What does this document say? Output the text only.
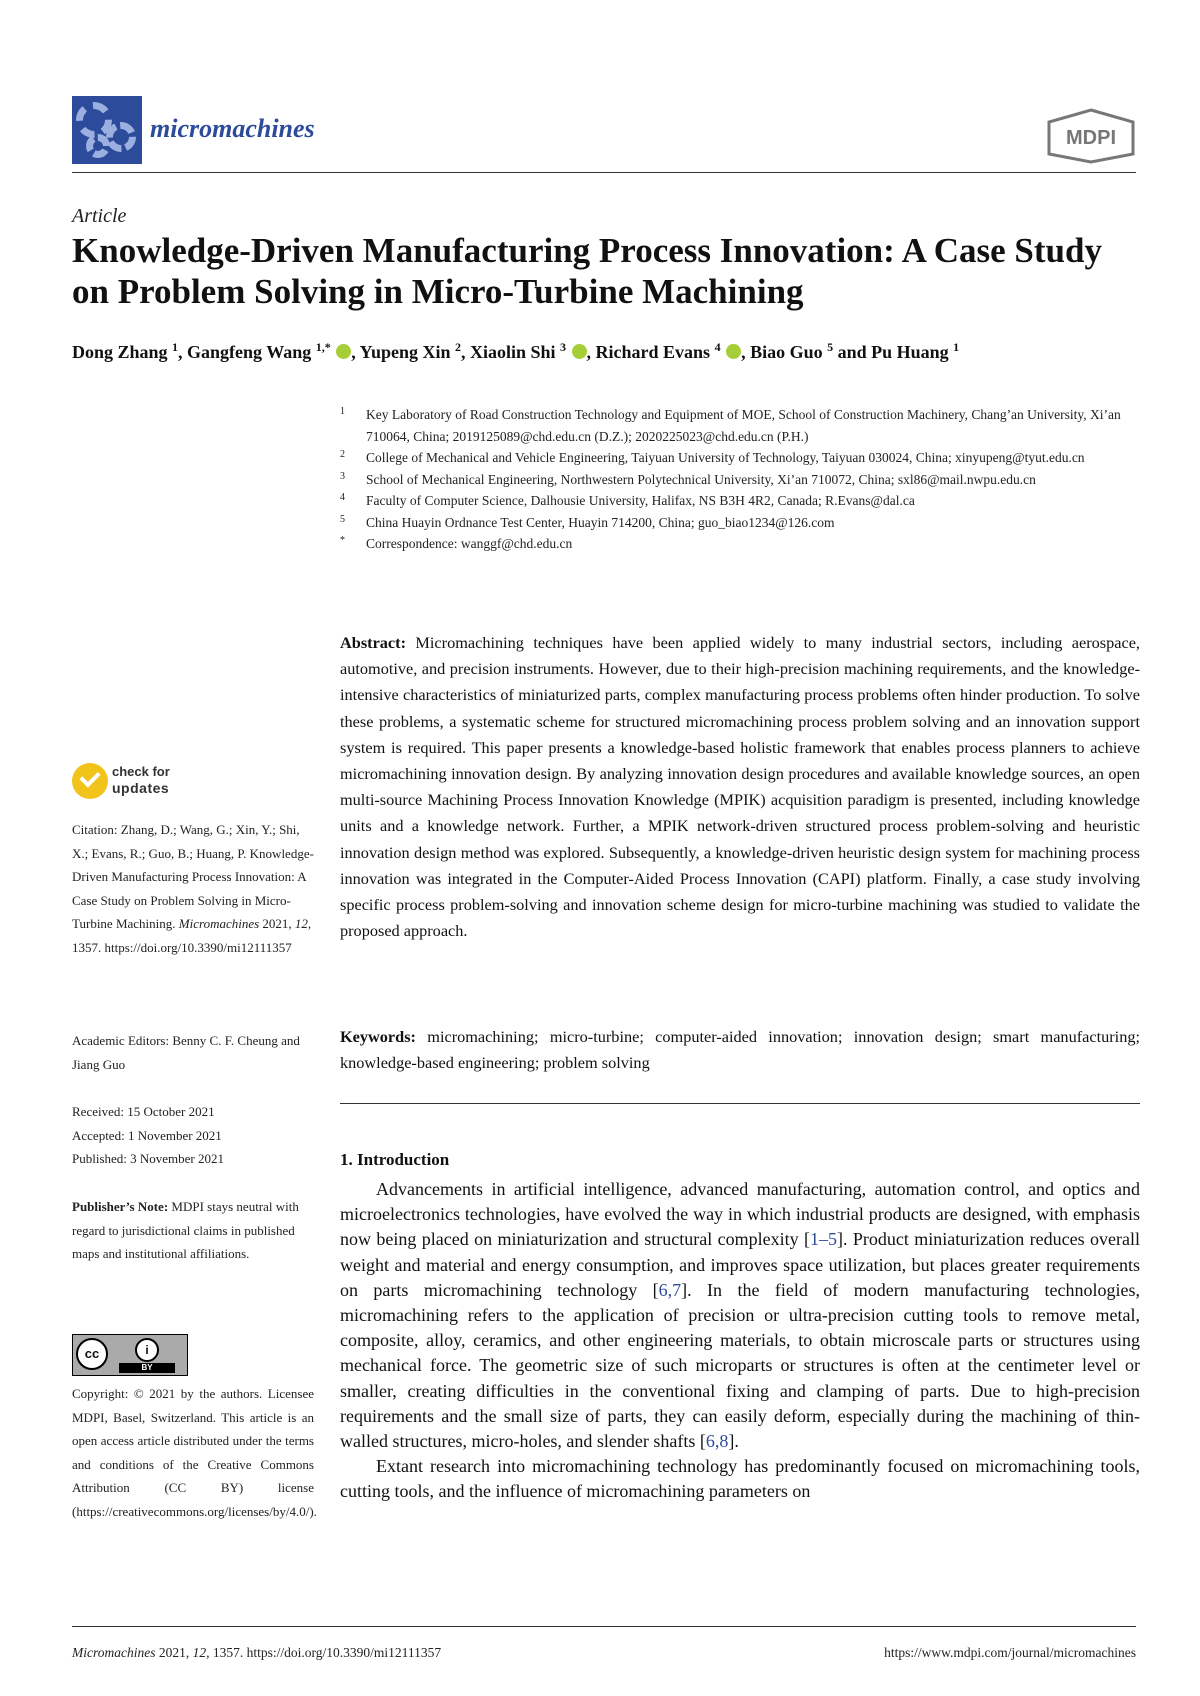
micromachines	MDPI
Article
Knowledge-Driven Manufacturing Process Innovation: A Case Study on Problem Solving in Micro-Turbine Machining
Dong Zhang $^1$, Gangfeng Wang $^{1,*}$ , Yupeng Xin $^2$, Xiaolin Shi $^3$ , Richard Evans $^4$ , Biao Guo $^5$ and Pu Huang $^1$
1 Key Laboratory of Road Construction Technology and Equipment of MOE, School of Construction Machinery, Chang’an University, Xi’an 710064, China; 2019125089@chd.edu.cn (D.Z.); 2020225023@chd.edu.cn (P.H.)
2 College of Mechanical and Vehicle Engineering, Taiyuan University of Technology, Taiyuan 030024, China; xinyupeng@tyut.edu.cn
3 School of Mechanical Engineering, Northwestern Polytechnical University, Xi’an 710072, China; sxl86@mail.nwpu.edu.cn
4 Faculty of Computer Science, Dalhousie University, Halifax, NS B3H 4R2, Canada; R.Evans@dal.ca
5 China Huayin Ordnance Test Center, Huayin 714200, China; guo_biao1234@126.com
* Correspondence: wanggf@chd.edu.cn
Abstract: Micromachining techniques have been applied widely to many industrial sectors, including aerospace, automotive, and precision instruments. However, due to their high-precision machining requirements, and the knowledge-intensive characteristics of miniaturized parts, complex manufacturing process problems often hinder production. To solve these problems, a systematic scheme for structured micromachining process problem solving and an innovation support system is required. This paper presents a knowledge-based holistic framework that enables process planners to achieve micromachining innovation design. By analyzing innovation design procedures and available knowledge sources, an open multi-source Machining Process Innovation Knowledge (MPIK) acquisition paradigm is presented, including knowledge units and a knowledge network. Further, a MPIK network-driven structured process problem-solving and heuristic innovation design method was explored. Subsequently, a knowledge-driven heuristic design system for machining process innovation was integrated in the Computer-Aided Process Innovation (CAPI) platform. Finally, a case study involving specific process problem-solving and innovation scheme design for micro-turbine machining was studied to validate the proposed approach.
Keywords: micromachining; micro-turbine; computer-aided innovation; innovation design; smart manufacturing; knowledge-based engineering; problem solving
1. Introduction

Advancements in artificial intelligence, advanced manufacturing, automation control, and optics and microelectronics technologies, have evolved the way in which industrial products are designed, with emphasis now being placed on miniaturization and structural complexity [1–5]. Product miniaturization reduces overall weight and material and energy consumption, and improves space utilization, but places greater requirements on parts micromachining technology [6,7]. In the field of modern manufacturing technologies, micromachining refers to the application of precision or ultra-precision cutting tools to remove metal, composite, alloy, ceramics, and other engineering materials, to obtain microscale parts or structures using mechanical force. The geometric size of such microparts or structures is often at the centimeter level or smaller, creating difficulties in the conventional fixing and clamping of parts. Due to high-precision requirements and the small size of parts, they can easily deform, especially during the machining of thin-walled structures, micro-holes, and slender shafts [6,8].

Extant research into micromachining technology has predominantly focused on micromachining tools, cutting tools, and the influence of micromachining parameters on

check for
updates
Citation: Zhang, D.; Wang, G.; Xin, Y.; Shi, X.; Evans, R.; Guo, B.; Huang, P. Knowledge-Driven Manufacturing Process Innovation: A Case Study on Problem Solving in Micro-Turbine Machining. Micromachines 2021, 12, 1357. https://doi.org/10.3390/mi12111357
Academic Editors: Benny C. F. Cheung and Jiang Guo
Received: 15 October 2021
Accepted: 1 November 2021
Published: 3 November 2021
Publisher’s Note: MDPI stays neutral with regard to jurisdictional claims in published maps and institutional affiliations.
cc	i
BY
Copyright: © 2021 by the authors. Licensee MDPI, Basel, Switzerland. This article is an open access article distributed under the terms and conditions of the Creative Commons Attribution (CC BY) license (https://creativecommons.org/licenses/by/4.0/).
Micromachines 2021, 12, 1357. https://doi.org/10.3390/mi12111357	https://www.mdpi.com/journal/micromachines
